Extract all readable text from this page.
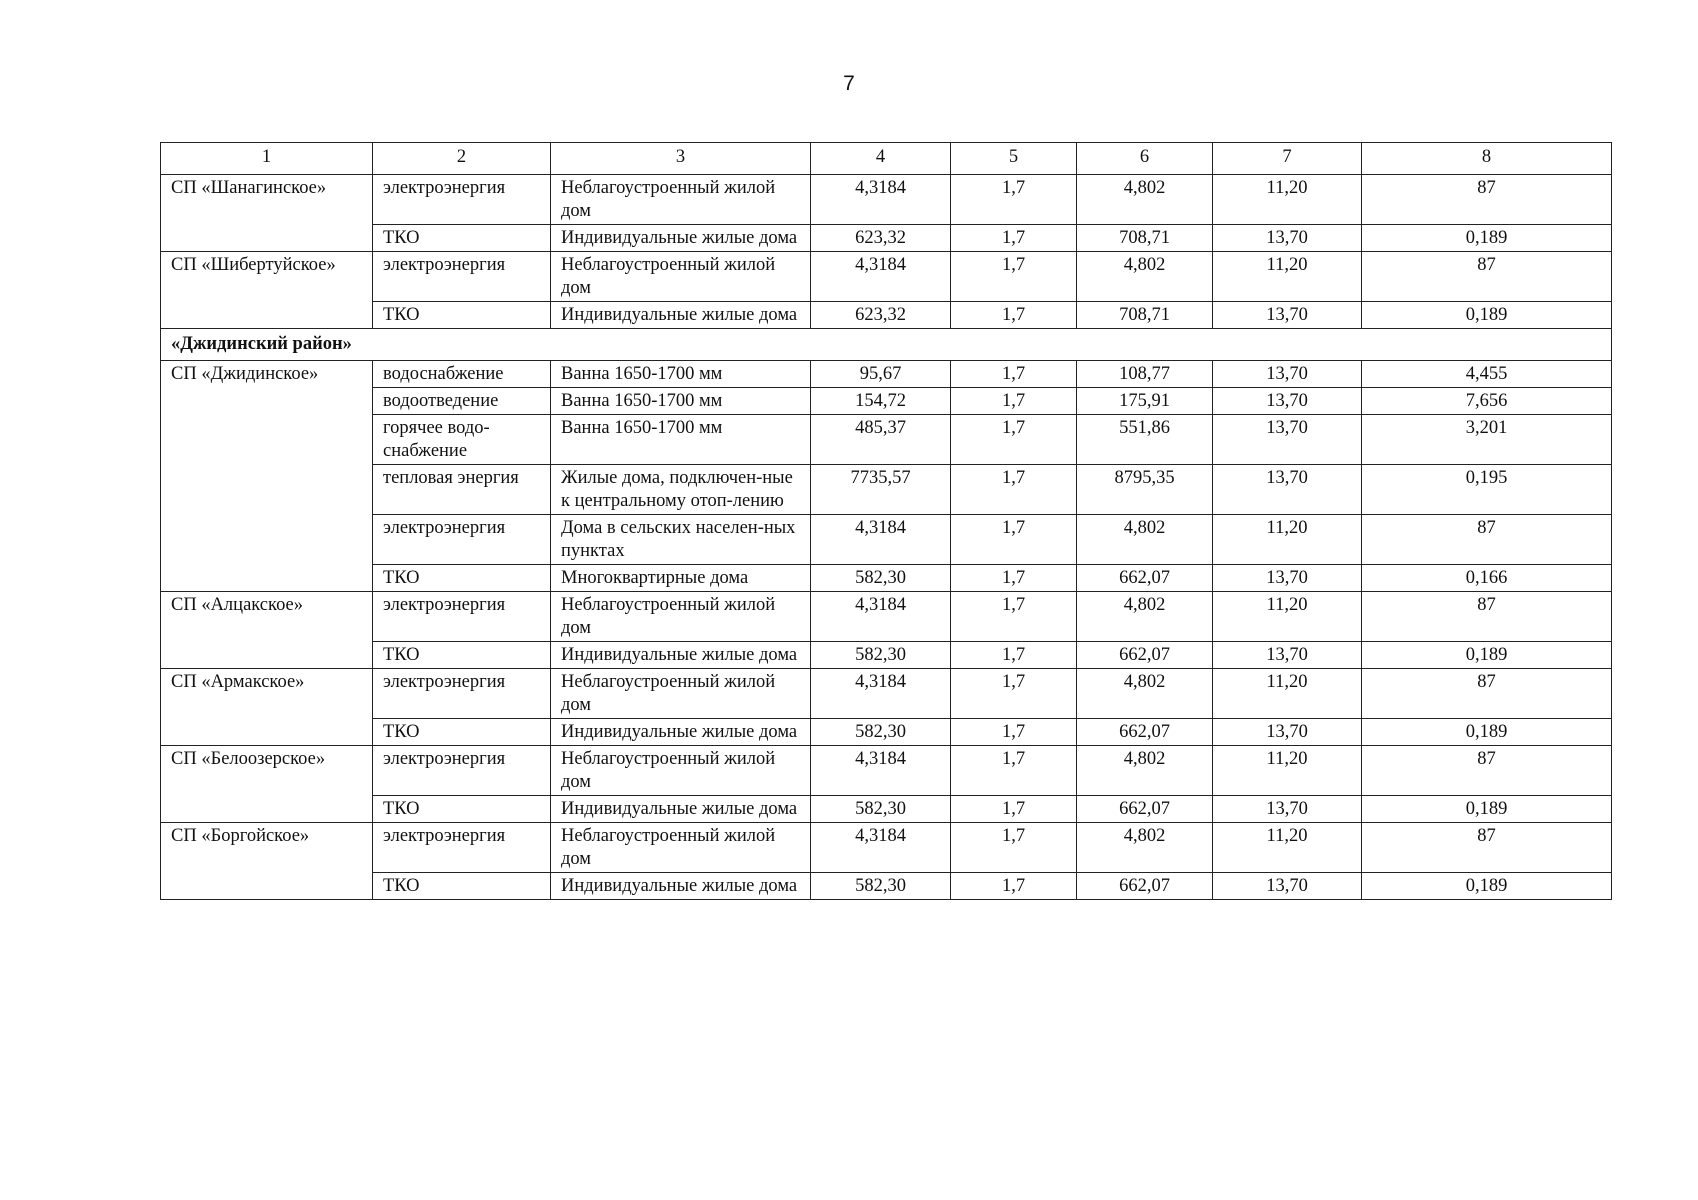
7
1	2	3	4	5	6	7	8
СП «Шанагинское»	электроэнергия	Неблагоустроенный жилой дом	4,3184	1,7	4,802	11,20	87
	ТКО	Индивидуальные жилые дома	623,32	1,7	708,71	13,70	0,189
СП «Шибертуйское»	электроэнергия	Неблагоустроенный жилой дом	4,3184	1,7	4,802	11,20	87
	ТКО	Индивидуальные жилые дома	623,32	1,7	708,71	13,70	0,189
«Джидинский район»							
СП «Джидинское»	водоснабжение	Ванна 1650-1700 мм	95,67	1,7	108,77	13,70	4,455
	водоотведение	Ванна 1650-1700 мм	154,72	1,7	175,91	13,70	7,656
	горячее водо-снабжение	Ванна 1650-1700 мм	485,37	1,7	551,86	13,70	3,201
	тепловая энергия	Жилые дома, подключен-ные к центральному отоп-лению	7735,57	1,7	8795,35	13,70	0,195
	электроэнергия	Дома в сельских населен-ных пунктах	4,3184	1,7	4,802	11,20	87
	ТКО	Многоквартирные дома	582,30	1,7	662,07	13,70	0,166
СП «Алцакское»	электроэнергия	Неблагоустроенный жилой дом	4,3184	1,7	4,802	11,20	87
	ТКО	Индивидуальные жилые дома	582,30	1,7	662,07	13,70	0,189
СП «Армакское»	электроэнергия	Неблагоустроенный жилой дом	4,3184	1,7	4,802	11,20	87
	ТКО	Индивидуальные жилые дома	582,30	1,7	662,07	13,70	0,189
СП «Белоозерское»	электроэнергия	Неблагоустроенный жилой дом	4,3184	1,7	4,802	11,20	87
	ТКО	Индивидуальные жилые дома	582,30	1,7	662,07	13,70	0,189
СП «Боргойское»	электроэнергия	Неблагоустроенный жилой дом	4,3184	1,7	4,802	11,20	87
	ТКО	Индивидуальные жилые дома	582,30	1,7	662,07	13,70	0,189
